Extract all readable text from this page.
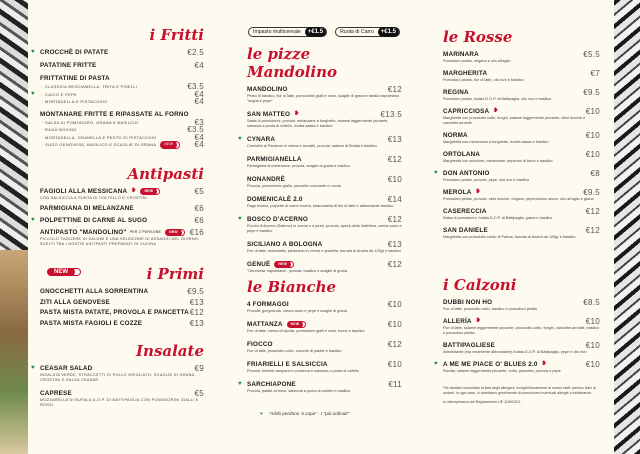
Impasto multicereale	+€1.5	Ruota di Carro	+€1.5
i Fritti
♥ CROCCHÈ DI PATATE	€2.5
PATATINE FRITTE	€4
FRITTATINE DI PASTA
· CLASSICA BESCIAMELLA, TRITA E PISELLI	€3.5
♥ · CACIO E PEPE	€4
· MORTADELLA E PISTACCHIO	€4
MONTANARE FRITTE E RIPASSATE AL FORNO
· SALSA DI POMODORO, GRANA E BASILICO	€3
· RAGÙ BOVINO	€3.5
· MORTADELLA, GRANELLA E PESTO DI PISTACCHIO	€4
· SUGO GENOVESE, BASILICO E SCAGLIE DI GRANA	NEW	€4
Antipasti
FAGIOLI ALLA MESSICANA ❥	NEW	€5
CON SALSICCIA A PUNTA DI COLTELLO E CROSTINI
PARMIGIANA DI MELANZANE	€6
♥ POLPETTINE DI CARNE AL SUGO	€6
ANTIPASTO "MANDOLINO" PER 2 PERSONE	NEW	€16
PICCOLO TAGLIERE DI SALUMI E UNA SELEZIONE DI ASSAGGI DEL GIORNO, SCELTI TRA I NOSTRI ANTIPASTI PREPARATI IN CUCINA
NEW	i Primi
GNOCCHETTI ALLA SORRENTINA	€9.5
ZITI ALLA GENOVESE	€13
PASTA MISTA PATATE, PROVOLA E PANCETTA €12
PASTA MISTA FAGIOLI E COZZE	€13
Insalate
♥ CEASAR SALAD	€9
INSALATA VERDE, STRACCETTI DI POLLO GRIGLIATO, SCAGLIE DI GRANA, CROSTINI E SALSA CEASAR
CAPRESE	€5
MOZZARELLA DI BUFALA D.O.P. DI BATTIPAGLIA CON POMODORINI GIALLI E ROSSI
le pizze Mandolino
MANDOLINO	€12
Pesto di basilico, fior di latte, pomodorini gialli e rossi, scaglie di grana e tarallo napoletano "sugna e pepe"
SAN MATTEO ❥	€13.5
Salsa di pomodorini, provola, melanzane a funghetto, salame leggermente piccante, salsiccia a punta di coltello, ricotta salata e basilico
♥ CYNARA	€13
Carciofini di Paestum in crema e arrostiti, provola, salame di Bufala e basilico
PARMIGIANELLA	€12
Parmigiana di melanzane, provola, scaglie di grana e basilico
NONANDRÈ	€10
Provola, pomodorino giallo, pancetta croccante e rucola
DOMENICALÈ 2.0	€14
Ragù bovino, polpette di carne bovina, stracciatella di fior di latte e abbondante basilico
♥ BOSCO D'ACERNO	€12
Porcini di Acerno (Salerno) in crema e a pezzi, provola, speck della Valtellina, crema cacio e pepe e basilico
SICILIANO A BOLOGNA	€13
Fior di latte, mortadella, pistacchio in crema e granella, burrata di Andria da 125gr e basilico
GENUÈ	NEW	€12
"Genovese napoletana", provola, basilico e scaglie di grana
le Bianche
4 FORMAGGI	€10
Provola, gorgonzola, crema cacio e pepe e scaglie di grana
MATTANZA	NEW	€10
Fior di latte, crema di cipolla, pomodorini gialli e rossi, tonno e basilico
FIOCCO	€12
Fior di latte, prosciutto cotto, crocchè di patate e basilico
FRIARIELLI E SALSICCIA	€10
Provola, friarielli campani in conserva e salsiccia a punta di coltello
♥ SARCHIAPONE	€11
Provola, patate al forno, salsiccia a punta di coltello e basilico
♥ "Addò perdono 'a capa" - I "più ordinati"
le Rosse
MARINARA	€5.5
Pomodoro pelato, origano e olio all'aglio
MARGHERITA	€7
Pomodoro pelato, fior di latte, olio evo e basilico
REGINA	€9.5
Pomodoro pelato, bufala D.O.P. di Battipaglia, olio evo e basilico
CAPRICCIOSA ❥	€10
Margherita con prosciutto cotto, funghi, salame leggermente piccante, olive leccine e carciofini arrostiti
NORMA	€10
Margherita con melanzane a funghetto, ricotta salata e basilico
ORTOLANA	€10
Margherita con zucchine, melanzane, peperoni al forno e basilico
♥ DON ANTONIO	€8
Pomodoro pelato, provola, pepe, olio evo e basilico
MEROLA ❥	€9.5
Pomodoro pelato, provola, olive leccine, origano, peperoncino secco, olio all'aglio e grana
CASERECCIA	€12
Salsa di pomodorini, bufala D.O.P. di Battipaglia, grana e basilico
SAN DANIELE	€12
Margherita con prosciutto crudo di Parma, burrata di Andria da 125gr e basilico
i Calzoni
DUBBI NON HO	€8.5
Fior di latte, prosciutto cotto, basilico e pomodoro pelato
ALLERÍA ❥	€10
Fior di latte, salame leggermente piccante, prosciutto cotto, funghi, carciofini arrostiti, basilico e pomodoro pelato
BATTIPAGLIESE	€10
Abbondante (ma veramente abbondante) bufala D.O.P. di Battipaglia, pepe e olio evo
♥ A ME ME PIACE O' BLUES 2.0 ❥	€10
Ricotta, salame leggermente piccante, cotto, pancetta, provola e pepe

*Se desideri consultare la lista degli allergeni, rivolgiti liberamente al nostro staff, saremo felici di aiutarti. In ogni caso, vi chiediamo gentilmente di comunicarci eventuali allergie o intolleranze.

In ottemperanza del Regolamento UE 1169/2011.
